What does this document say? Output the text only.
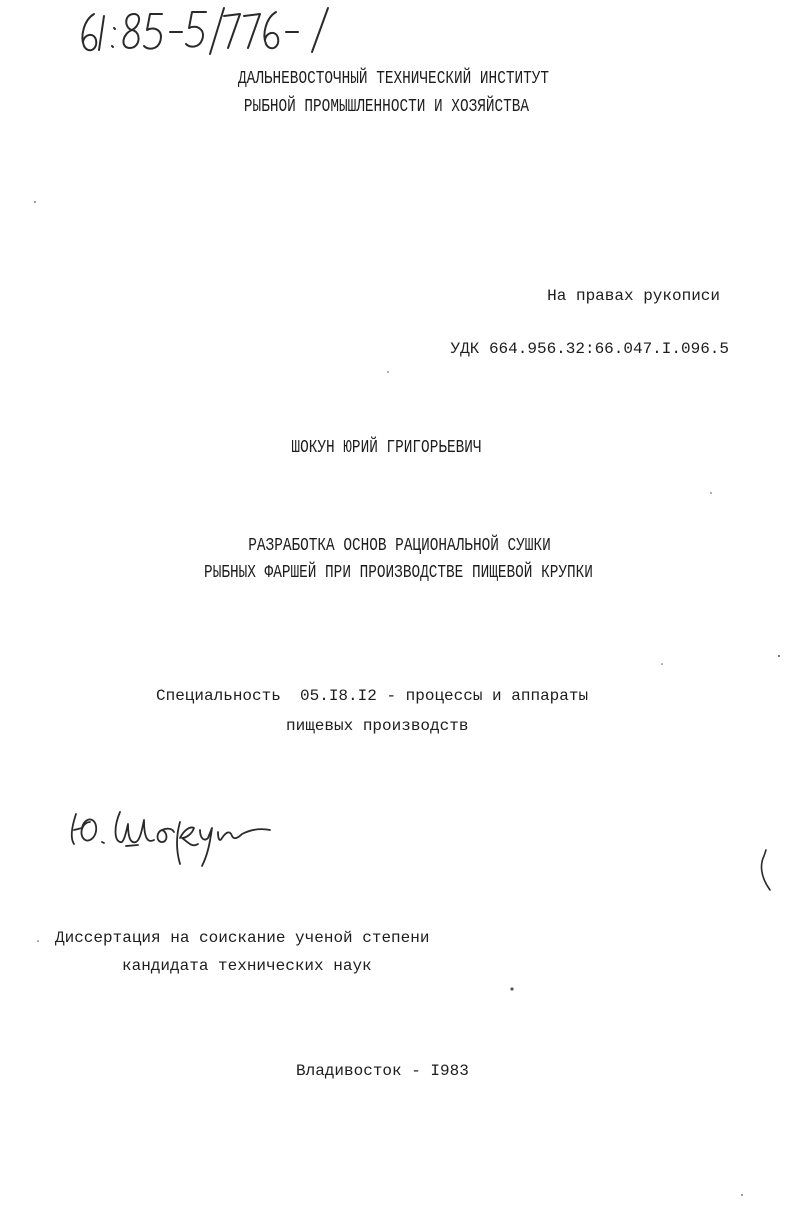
ДАЛЬНЕВОСТОЧНЫЙ ТЕХНИЧЕСКИЙ ИНСТИТУТ
РЫБНОЙ ПРОМЫШЛЕННОСТИ И ХОЗЯЙСТВА
На правах рукописи
УДК 664.956.32:66.047.I.096.5
ШОКУН ЮРИЙ ГРИГОРЬЕВИЧ
РАЗРАБОТКА ОСНОВ РАЦИОНАЛЬНОЙ СУШКИ
РЫБНЫХ ФАРШЕЙ ПРИ ПРОИЗВОДСТВЕ ПИЩЕВОЙ КРУПКИ
Специальность  05.I8.I2 - процессы и аппараты
пищевых производств
Диссертация на соискание ученой степени
кандидата технических наук
Владивосток - I983
